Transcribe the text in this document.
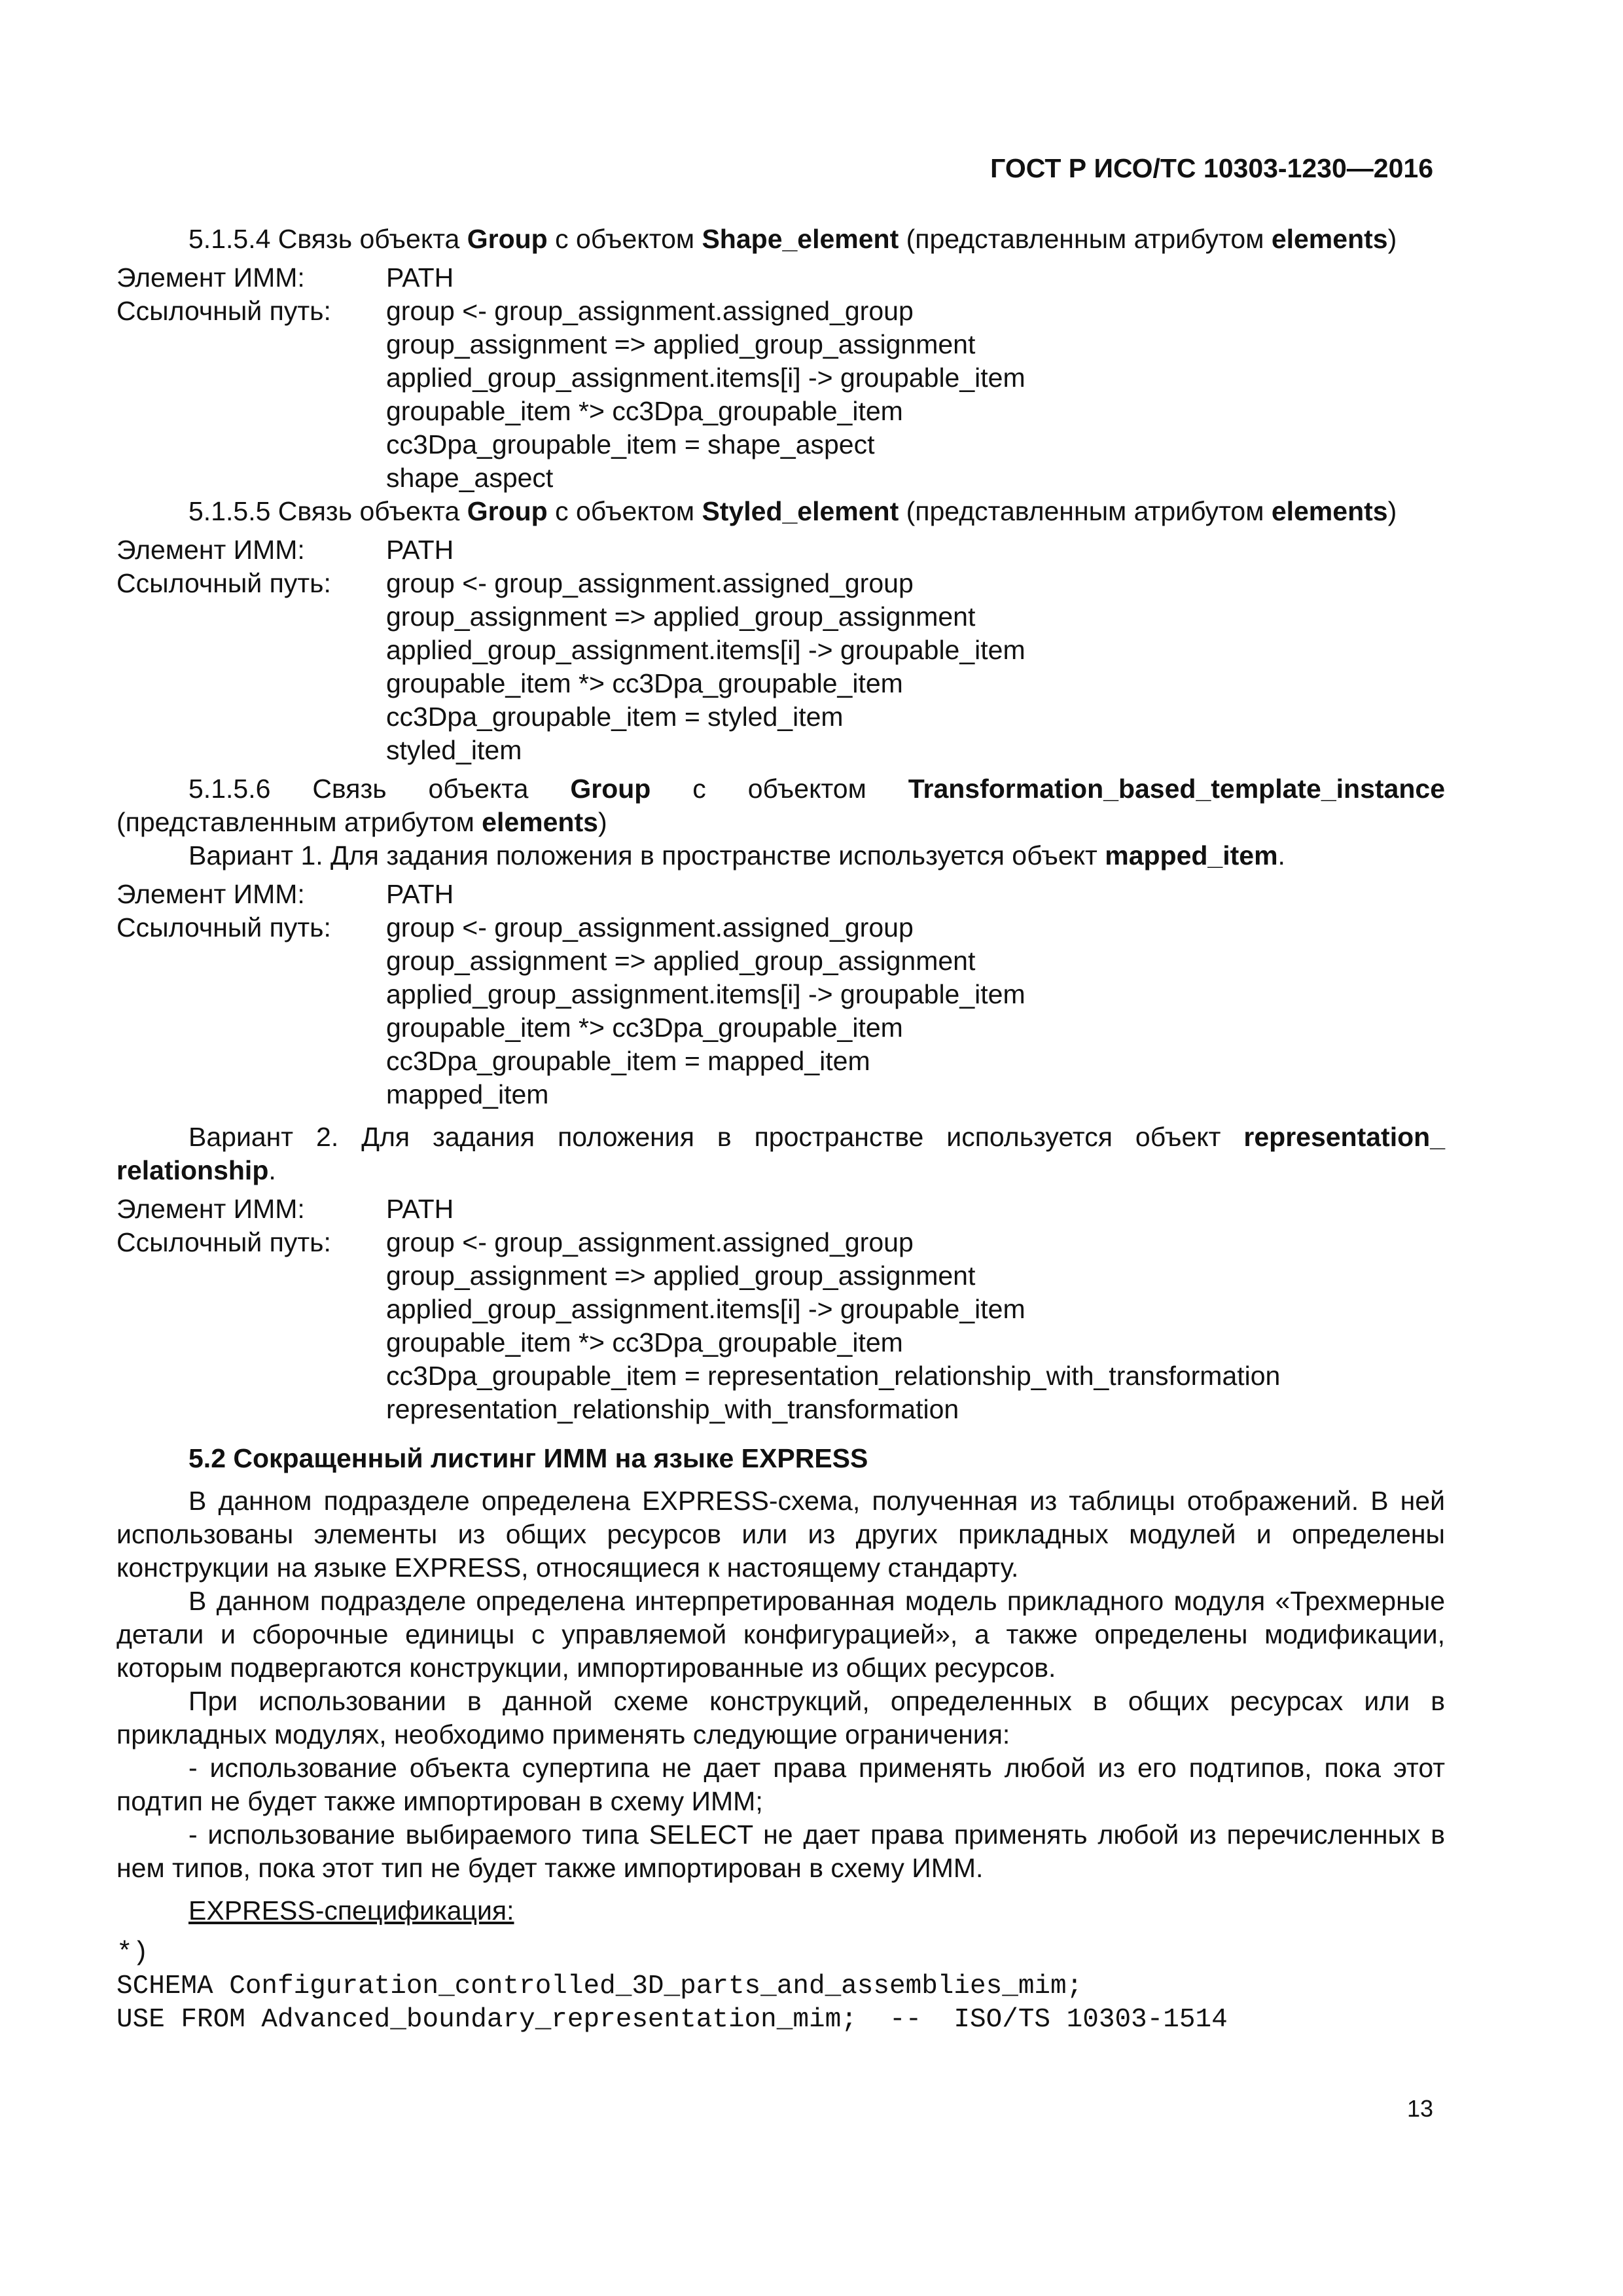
ГОСТ Р ИСО/ТС 10303-1230—2016

5.1.5.4 Связь объекта Group с объектом Shape_element (представленным атрибутом elements)

Элемент ИММ:	PATH
Ссылочный путь:	group <- group_assignment.assigned_group
group_assignment => applied_group_assignment
applied_group_assignment.items[i] -> groupable_item
groupable_item *> cc3Dpa_groupable_item
cc3Dpa_groupable_item = shape_aspect
shape_aspect

5.1.5.5 Связь объекта Group с объектом Styled_element (представленным атрибутом elements)

Элемент ИММ:	PATH
Ссылочный путь:	group <- group_assignment.assigned_group
group_assignment => applied_group_assignment
applied_group_assignment.items[i] -> groupable_item
groupable_item *> cc3Dpa_groupable_item
cc3Dpa_groupable_item = styled_item
styled_item

5.1.5.6 Связь объекта Group с объектом Transformation_based_template_instance (представленным атрибутом elements)

Вариант 1. Для задания положения в пространстве используется объект mapped_item.

Элемент ИММ:	PATH
Ссылочный путь:	group <- group_assignment.assigned_group
group_assignment => applied_group_assignment
applied_group_assignment.items[i] -> groupable_item
groupable_item *> cc3Dpa_groupable_item
cc3Dpa_groupable_item = mapped_item
mapped_item

Вариант 2. Для задания положения в пространстве используется объект representation_ relationship.

Элемент ИММ:	PATH
Ссылочный путь:	group <- group_assignment.assigned_group
group_assignment => applied_group_assignment
applied_group_assignment.items[i] -> groupable_item
groupable_item *> cc3Dpa_groupable_item
cc3Dpa_groupable_item = representation_relationship_with_transformation
representation_relationship_with_transformation
5.2 Сокращенный листинг ИММ на языке EXPRESS

В данном подразделе определена EXPRESS-схема, полученная из таблицы отображений. В ней использованы элементы из общих ресурсов или из других прикладных модулей и определены конструкции на языке EXPRESS, относящиеся к настоящему стандарту.

В данном подразделе определена интерпретированная модель прикладного модуля «Трехмерные детали и сборочные единицы с управляемой конфигурацией», а также определены модификации, которым подвергаются конструкции, импортированные из общих ресурсов.

При использовании в данной схеме конструкций, определенных в общих ресурсах или в прикладных модулях, необходимо применять следующие ограничения:

- использование объекта супертипа не дает права применять любой из его подтипов, пока этот подтип не будет также импортирован в схему ИММ;

- использование выбираемого типа SELECT не дает права применять любой из перечисленных в нем типов, пока этот тип не будет также импортирован в схему ИММ.

EXPRESS-спецификация:

*)
SCHEMA Configuration_controlled_3D_parts_and_assemblies_mim;
USE FROM Advanced_boundary_representation_mim;  --  ISO/TS 10303-1514
13
